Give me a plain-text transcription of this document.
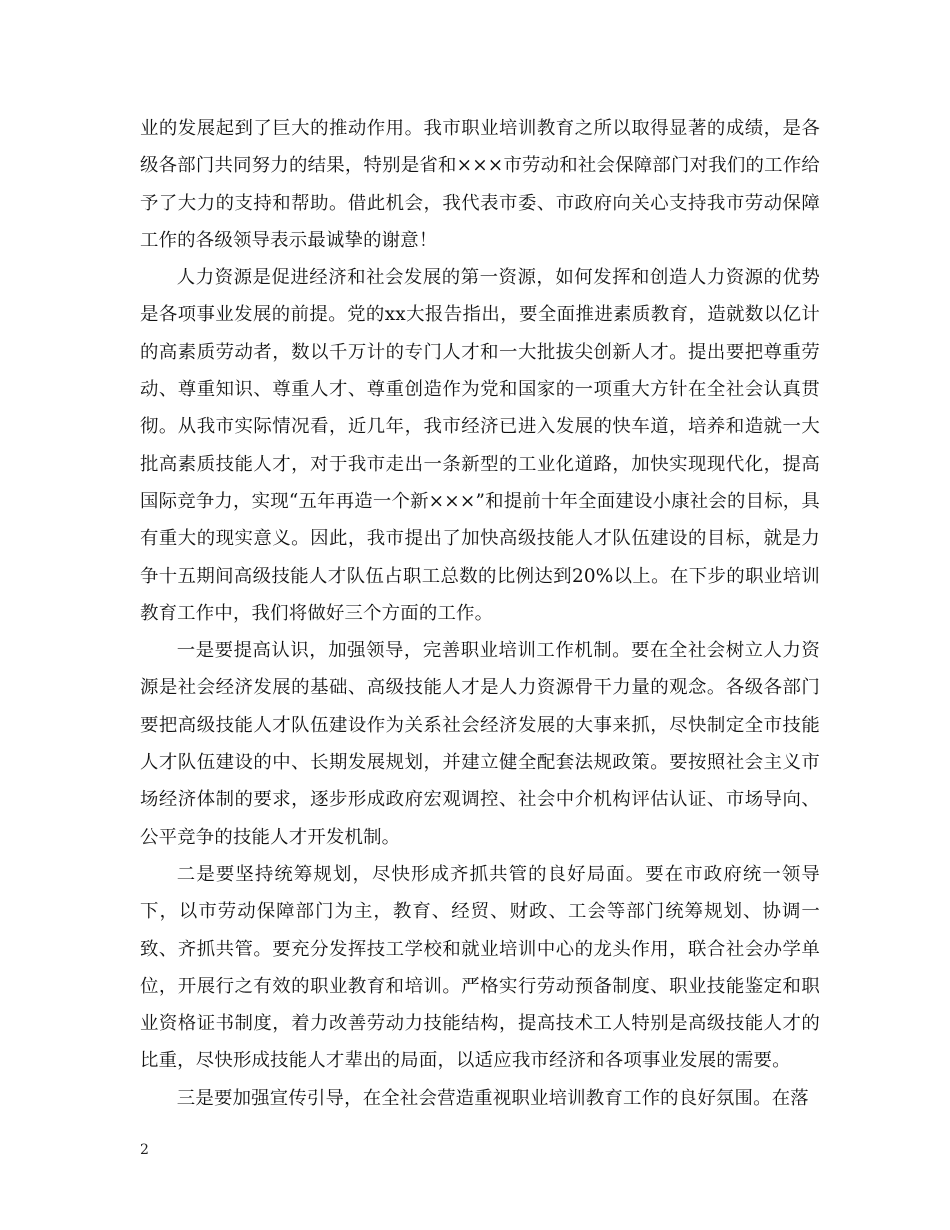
业的发展起到了巨大的推动作用。我市职业培训教育之所以取得显著的成绩，是各级各部门共同努力的结果，特别是省和×××市劳动和社会保障部门对我们的工作给予了大力的支持和帮助。借此机会，我代表市委、市政府向关心支持我市劳动保障工作的各级领导表示最诚挚的谢意！

人力资源是促进经济和社会发展的第一资源，如何发挥和创造人力资源的优势是各项事业发展的前提。党的xx大报告指出，要全面推进素质教育，造就数以亿计的高素质劳动者，数以千万计的专门人才和一大批拔尖创新人才。提出要把尊重劳动、尊重知识、尊重人才、尊重创造作为党和国家的一项重大方针在全社会认真贯彻。从我市实际情况看，近几年，我市经济已进入发展的快车道，培养和造就一大批高素质技能人才，对于我市走出一条新型的工业化道路，加快实现现代化，提高国际竞争力，实现“五年再造一个新×××”和提前十年全面建设小康社会的目标，具有重大的现实意义。因此，我市提出了加快高级技能人才队伍建设的目标，就是力争十五期间高级技能人才队伍占职工总数的比例达到20%以上。在下步的职业培训教育工作中，我们将做好三个方面的工作。

一是要提高认识，加强领导，完善职业培训工作机制。要在全社会树立人力资源是社会经济发展的基础、高级技能人才是人力资源骨干力量的观念。各级各部门要把高级技能人才队伍建设作为关系社会经济发展的大事来抓，尽快制定全市技能人才队伍建设的中、长期发展规划，并建立健全配套法规政策。要按照社会主义市场经济体制的要求，逐步形成政府宏观调控、社会中介机构评估认证、市场导向、公平竞争的技能人才开发机制。

二是要坚持统筹规划，尽快形成齐抓共管的良好局面。要在市政府统一领导下，以市劳动保障部门为主，教育、经贸、财政、工会等部门统筹规划、协调一致、齐抓共管。要充分发挥技工学校和就业培训中心的龙头作用，联合社会办学单位，开展行之有效的职业教育和培训。严格实行劳动预备制度、职业技能鉴定和职业资格证书制度，着力改善劳动力技能结构，提高技术工人特别是高级技能人才的比重，尽快形成技能人才辈出的局面，以适应我市经济和各项事业发展的需要。

三是要加强宣传引导，在全社会营造重视职业培训教育工作的良好氛围。在落

2
